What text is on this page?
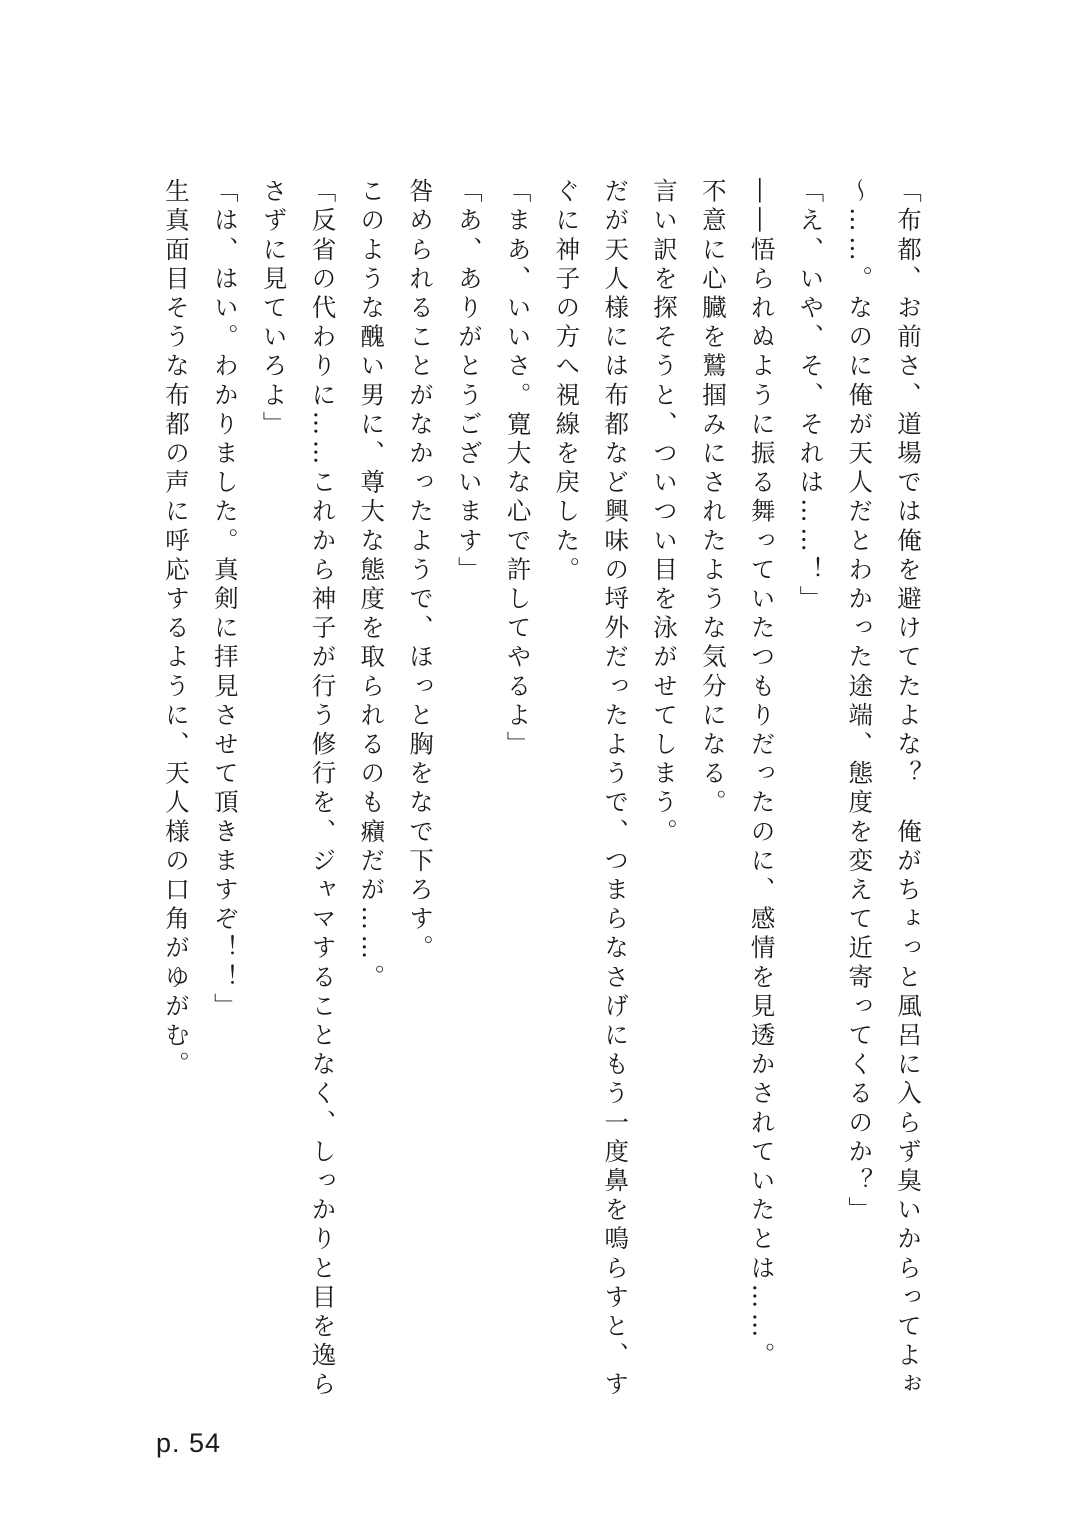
「布都、お前さ、道場では俺を避けてたよな？　俺がちょっと風呂に入らず臭いからってよぉ～……。なのに俺が天人だとわかった途端、態度を変えて近寄ってくるのか？」

「え、いや、そ、それは……！」

――悟られぬように振る舞っていたつもりだったのに、感情を見透かされていたとは……。

不意に心臓を鷲掴みにされたような気分になる。

言い訳を探そうと、ついつい目を泳がせてしまう。

だが天人様には布都など興味の埒外だったようで、つまらなさげにもう一度鼻を鳴らすと、すぐに神子の方へ視線を戻した。

「まあ、いいさ。寛大な心で許してやるよ」

「あ、ありがとうございます」

咎められることがなかったようで、ほっと胸をなで下ろす。

このような醜い男に、尊大な態度を取られるのも癪だが……。

「反省の代わりに……これから神子が行う修行を、ジャマすることなく、しっかりと目を逸らさずに見ていろよ」

「は、はい。わかりました。真剣に拝見させて頂きますぞ！！」

生真面目そうな布都の声に呼応するように、天人様の口角がゆがむ。

p. 54
